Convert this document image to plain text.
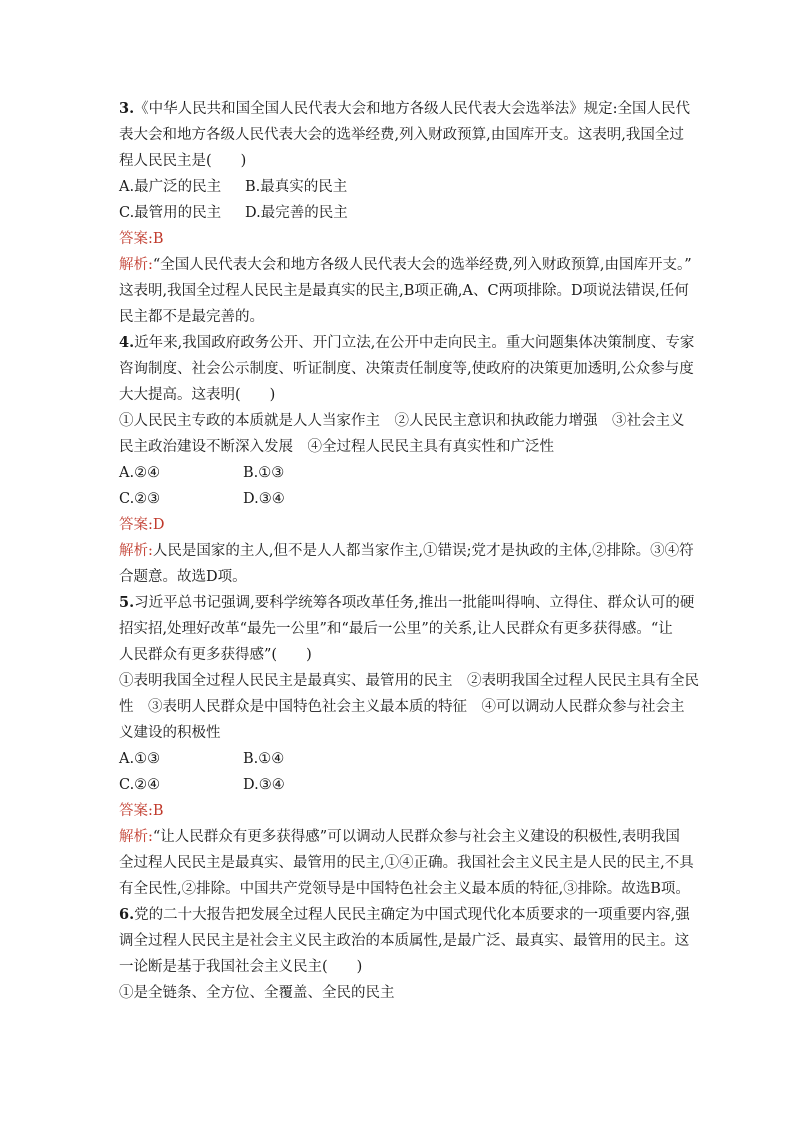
3.《中华人民共和国全国人民代表大会和地方各级人民代表大会选举法》规定:全国人民代
表大会和地方各级人民代表大会的选举经费,列入财政预算,由国库开支。这表明,我国全过
程人民民主是(　　)
A.最广泛的民主 B.最真实的民主
C.最管用的民主 D.最完善的民主
答案:B
解析:“全国人民代表大会和地方各级人民代表大会的选举经费,列入财政预算,由国库开支。”
这表明,我国全过程人民民主是最真实的民主,B项正确,A、C两项排除。D项说法错误,任何
民主都不是最完善的。
4.近年来,我国政府政务公开、开门立法,在公开中走向民主。重大问题集体决策制度、专家
咨询制度、社会公示制度、听证制度、决策责任制度等,使政府的决策更加透明,公众参与度
大大提高。这表明(　　)
①人民民主专政的本质就是人人当家作主　②人民民主意识和执政能力增强　③社会主义
民主政治建设不断深入发展　④全过程人民民主具有真实性和广泛性
A.②④	B.①③
C.②③	D.③④
答案:D
解析:人民是国家的主人,但不是人人都当家作主,①错误;党才是执政的主体,②排除。③④符
合题意。故选D项。
5.习近平总书记强调,要科学统筹各项改革任务,推出一批能叫得响、立得住、群众认可的硬
招实招,处理好改革“最先一公里”和“最后一公里”的关系,让人民群众有更多获得感。“让
人民群众有更多获得感”(　　)
①表明我国全过程人民民主是最真实、最管用的民主　②表明我国全过程人民民主具有全民
性　③表明人民群众是中国特色社会主义最本质的特征　④可以调动人民群众参与社会主
义建设的积极性
A.①③	B.①④
C.②④	D.③④
答案:B
解析:“让人民群众有更多获得感”可以调动人民群众参与社会主义建设的积极性,表明我国
全过程人民民主是最真实、最管用的民主,①④正确。我国社会主义民主是人民的民主,不具
有全民性,②排除。中国共产党领导是中国特色社会主义最本质的特征,③排除。故选B项。
6.党的二十大报告把发展全过程人民民主确定为中国式现代化本质要求的一项重要内容,强
调全过程人民民主是社会主义民主政治的本质属性,是最广泛、最真实、最管用的民主。这
一论断是基于我国社会主义民主(　　)
①是全链条、全方位、全覆盖、全民的民主
